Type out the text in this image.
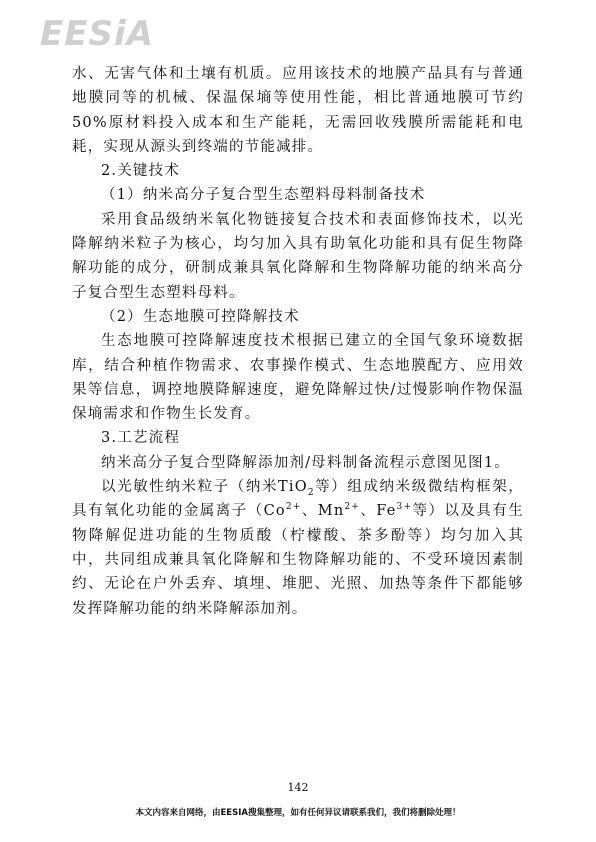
EESiA

水、无害气体和土壤有机质。应用该技术的地膜产品具有与普通地膜同等的机械、保温保墒等使用性能，相比普通地膜可节约50%原材料投入成本和生产能耗，无需回收残膜所需能耗和电耗，实现从源头到终端的节能减排。

2.关键技术

（1）纳米高分子复合型生态塑料母料制备技术

采用食品级纳米氧化物链接复合技术和表面修饰技术，以光降解纳米粒子为核心，均匀加入具有助氧化功能和具有促生物降解功能的成分，研制成兼具氧化降解和生物降解功能的纳米高分子复合型生态塑料母料。

（2）生态地膜可控降解技术

生态地膜可控降解速度技术根据已建立的全国气象环境数据库，结合种植作物需求、农事操作模式、生态地膜配方、应用效果等信息，调控地膜降解速度，避免降解过快/过慢影响作物保温保墒需求和作物生长发育。

3.工艺流程

纳米高分子复合型降解添加剂/母料制备流程示意图见图1。

以光敏性纳米粒子（纳米TiO$_2$等）组成纳米级微结构框架，具有氧化功能的金属离子（$Co^{2+}$、$Mn^{2+}$、$Fe^{3+}$等）以及具有生物降解促进功能的生物质酸（柠檬酸、茶多酚等）均匀加入其中，共同组成兼具氧化降解和生物降解功能的、不受环境因素制约、无论在户外丢弃、填埋、堆肥、光照、加热等条件下都能够发挥降解功能的纳米降解添加剂。

142
本文内容来自网络，由EESIA搜集整理，如有任何异议请联系我们，我们将删除处理！
